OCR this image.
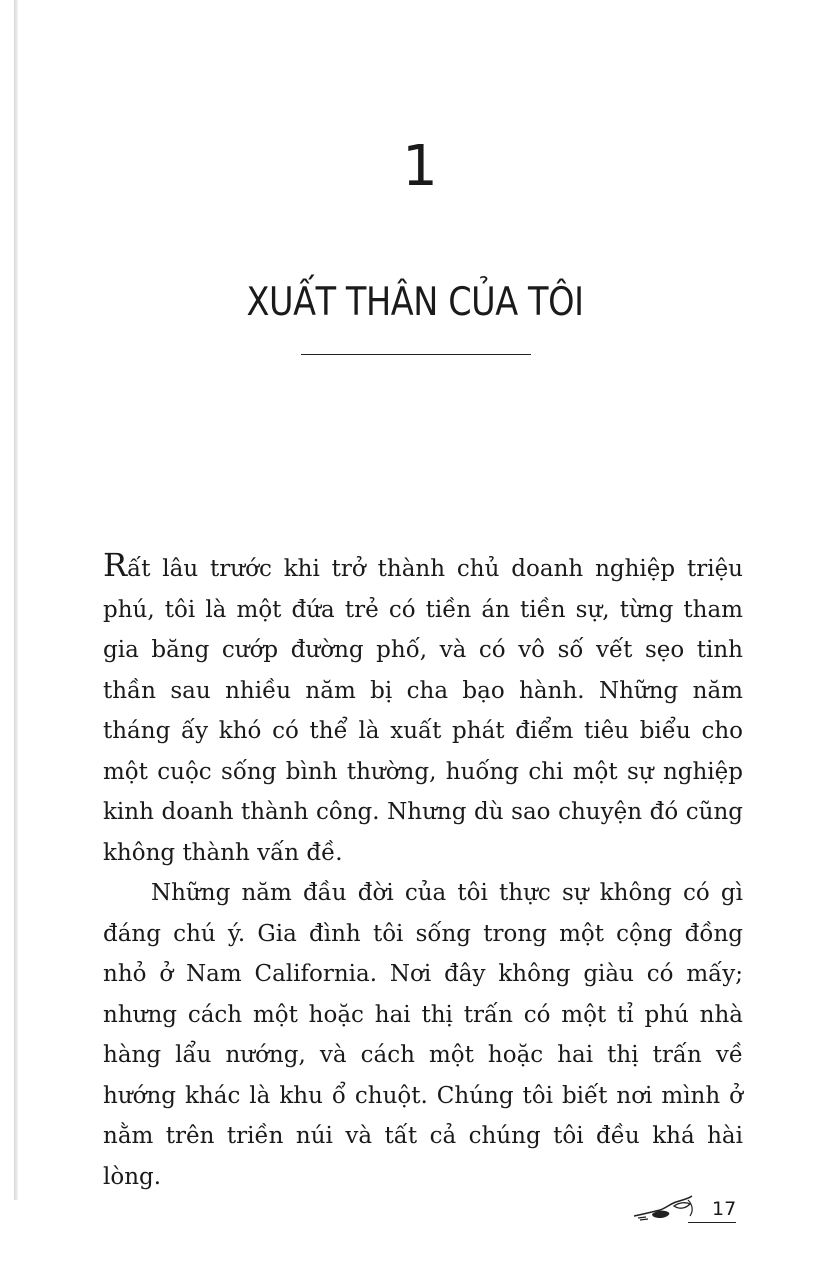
1
XUẤT THÂN CỦA TÔI

Rất lâu trước khi trở thành chủ doanh nghiệp triệu phú, tôi là một đứa trẻ có tiền án tiền sự, từng tham gia băng cướp đường phố, và có vô số vết sẹo tinh thần sau nhiều năm bị cha bạo hành. Những năm tháng ấy khó có thể là xuất phát điểm tiêu biểu cho một cuộc sống bình thường, huống chi một sự nghiệp kinh doanh thành công. Nhưng dù sao chuyện đó cũng không thành vấn đề.

Những năm đầu đời của tôi thực sự không có gì đáng chú ý. Gia đình tôi sống trong một cộng đồng nhỏ ở Nam California. Nơi đây không giàu có mấy; nhưng cách một hoặc hai thị trấn có một tỉ phú nhà hàng lẩu nướng, và cách một hoặc hai thị trấn về hướng khác là khu ổ chuột. Chúng tôi biết nơi mình ở nằm trên triền núi và tất cả chúng tôi đều khá hài lòng.

17
